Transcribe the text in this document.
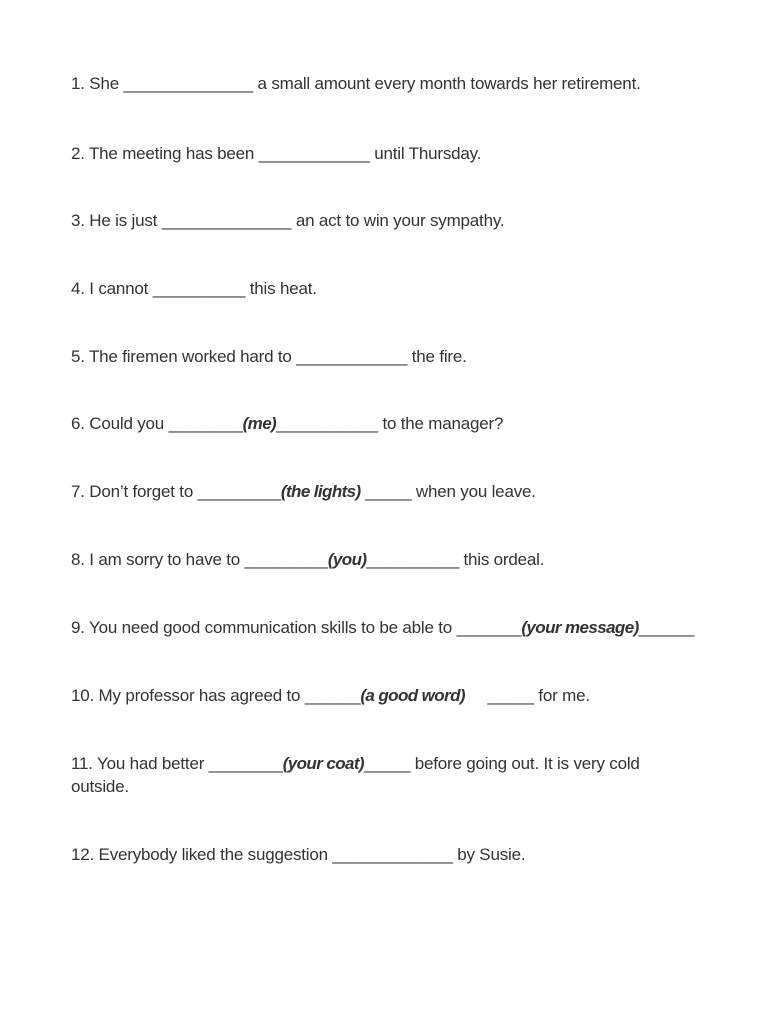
1. She ______________ a small amount every month towards her retirement.

2. The meeting has been ____________ until Thursday.

3. He is just ______________ an act to win your sympathy.

4. I cannot __________ this heat.

5. The firemen worked hard to ____________ the fire.

6. Could you ________(me)___________ to the manager?

7. Don’t forget to _________(the lights) _____ when you leave.

8. I am sorry to have to _________(you)__________ this ordeal.

9. You need good communication skills to be able to _______(your message)______

10. My professor has agreed to ______(a good word)     _____ for me.

11. You had better ________(your coat)_____ before going out. It is very cold outside.

12. Everybody liked the suggestion _____________ by Susie.
